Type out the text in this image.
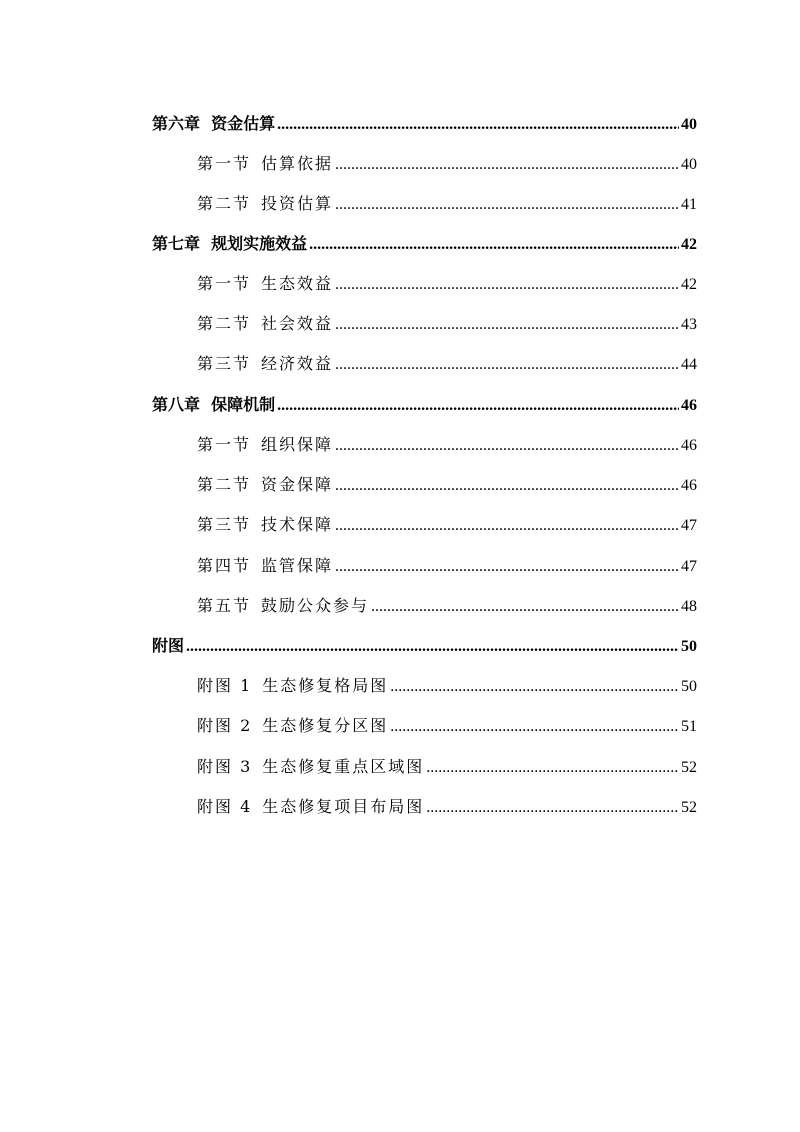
第六章 资金估算 .....	40
第一节 估算依据 .....	40
第二节 投资估算 .....	41
第七章 规划实施效益 .....	42
第一节 生态效益 .....	42
第二节 社会效益 .....	43
第三节 经济效益 .....	44
第八章 保障机制 .....	46
第一节 组织保障 .....	46
第二节 资金保障 .....	46
第三节 技术保障 .....	47
第四节 监管保障 .....	47
第五节 鼓励公众参与 .....	48
附图 .....	50
附图 1 生态修复格局图 .....	50
附图 2 生态修复分区图 .....	51
附图 3 生态修复重点区域图 .....	52
附图 4 生态修复项目布局图 .....	52
